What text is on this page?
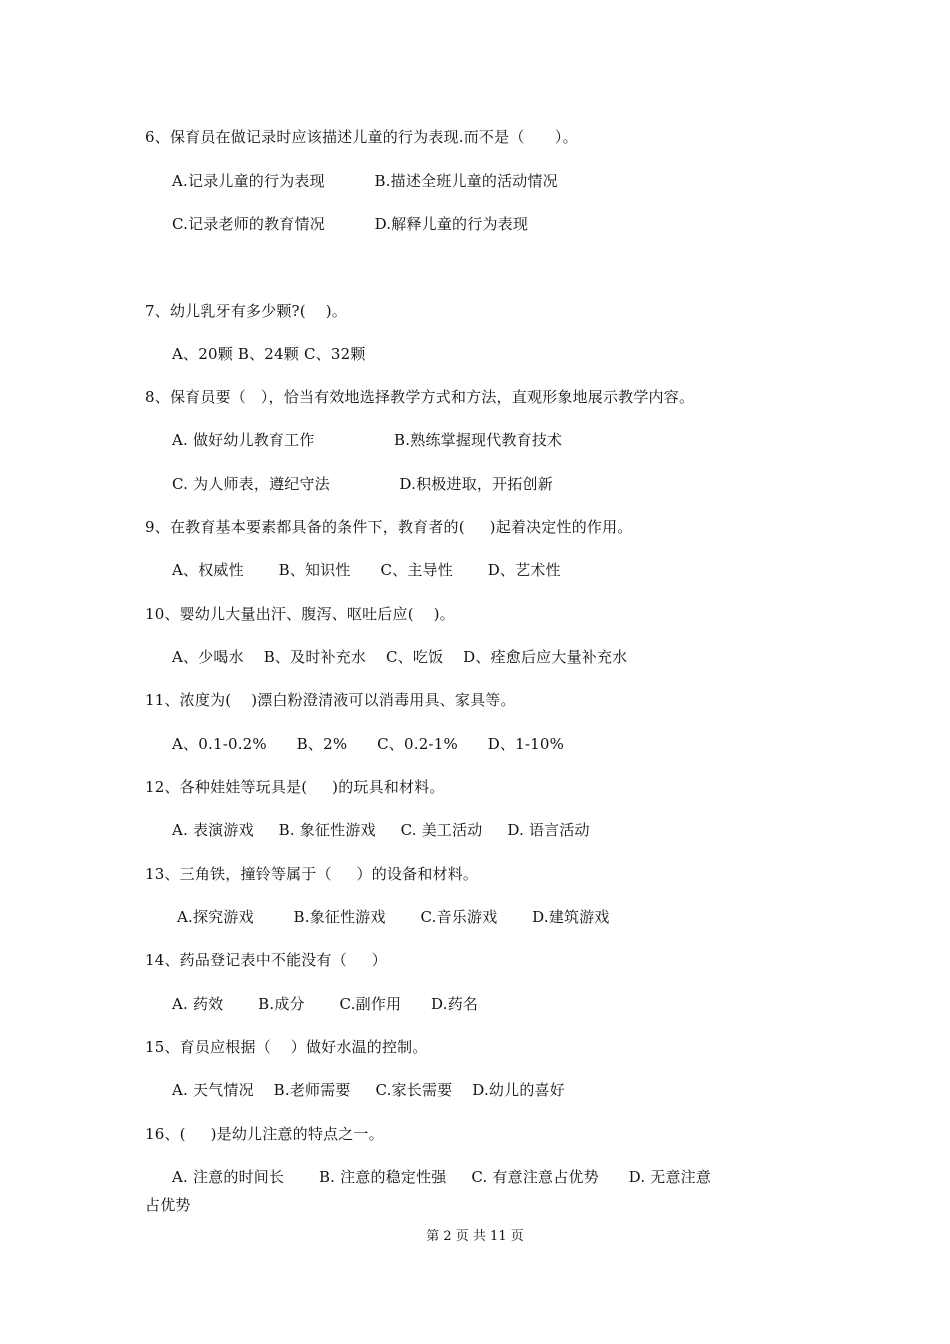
6、保育员在做记录时应该描述儿童的行为表现.而不是（　　）。
A.记录儿童的行为表现          B.描述全班儿童的活动情况
C.记录老师的教育情况          D.解释儿童的行为表现
7、幼儿乳牙有多少颗?(    )。
A、20颗 B、24颗 C、32颗
8、保育员要（   ），恰当有效地选择教学方式和方法，直观形象地展示教学内容。
A. 做好幼儿教育工作                B.熟练掌握现代教育技术
C. 为人师表，遵纪守法              D.积极进取，开拓创新
9、在教育基本要素都具备的条件下，教育者的(     )起着决定性的作用。
A、权威性       B、知识性      C、主导性       D、艺术性
10、婴幼儿大量出汗、腹泻、呕吐后应(    )。
A、少喝水    B、及时补充水    C、吃饭    D、痊愈后应大量补充水
11、浓度为(    )漂白粉澄清液可以消毒用具、家具等。
A、0.1-0.2%      B、2%      C、0.2-1%      D、1-10%
12、各种娃娃等玩具是(     )的玩具和材料。
A. 表演游戏     B. 象征性游戏     C. 美工活动     D. 语言活动
13、三角铁，撞铃等属于（     ）的设备和材料。
A.探究游戏        B.象征性游戏       C.音乐游戏       D.建筑游戏
14、药品登记表中不能没有（     ）
A. 药效       B.成分       C.副作用      D.药名
15、育员应根据（    ）做好水温的控制。
A. 天气情况    B.老师需要     C.家长需要    D.幼儿的喜好
16、(     )是幼儿注意的特点之一。
A. 注意的时间长       B. 注意的稳定性强     C. 有意注意占优势      D. 无意注意
占优势
第 2 页 共 11 页
